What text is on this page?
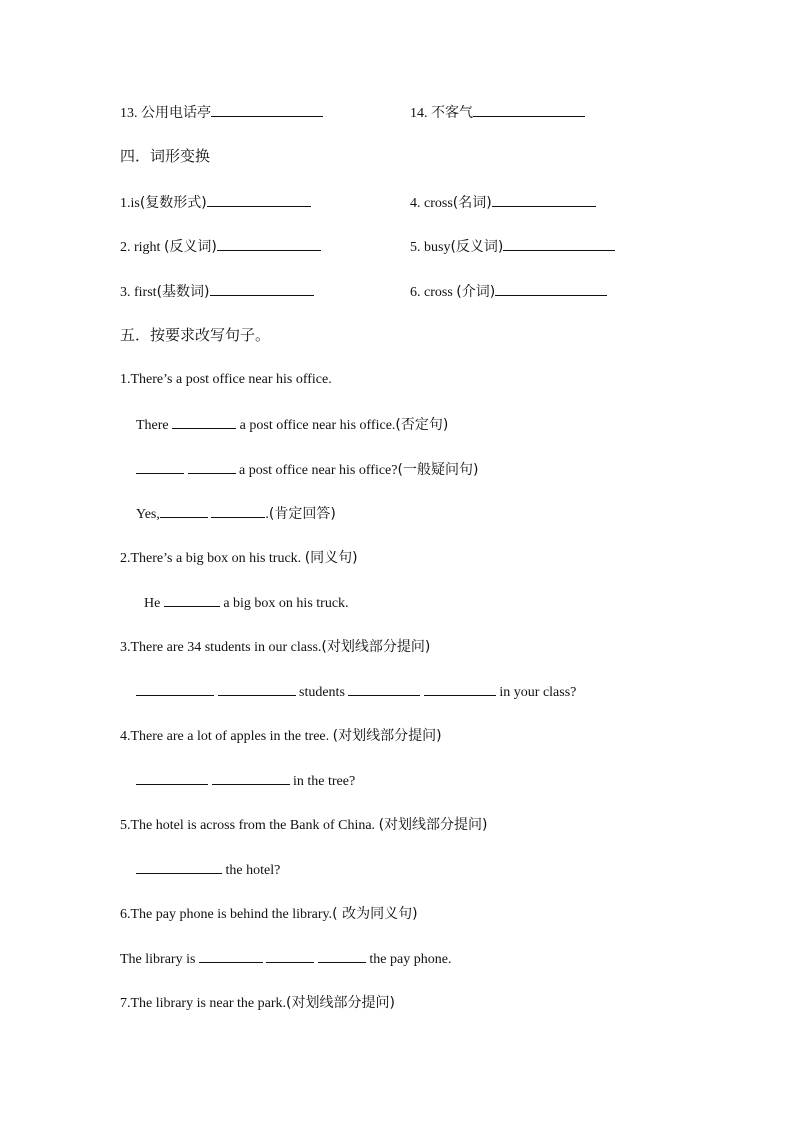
13. 公用电话亭	14. 不客气
四．词形变换
1.is(复数形式)	4. cross(名词)
2. right (反义词)	5. busy(反义词)
3. first(基数词)	6. cross (介词)
五．按要求改写句子。
1.There’s a post office near his office.
There	a post office near his office.(否定句)
a post office near his office?(一般疑问句)
Yes,	.(肯定回答)
2.There’s a big box on his truck. (同义句)
He	a big box on his truck.
3.There are 34 students in our class.(对划线部分提问)
students	in your class?
4.There are a lot of apples in the tree. (对划线部分提问)
in the tree?
5.The hotel is across from the Bank of China. (对划线部分提问)
the hotel?
6.The pay phone is behind the library.( 改为同义句)
The library is	the pay phone.
7.The library is near the park.(对划线部分提问)
